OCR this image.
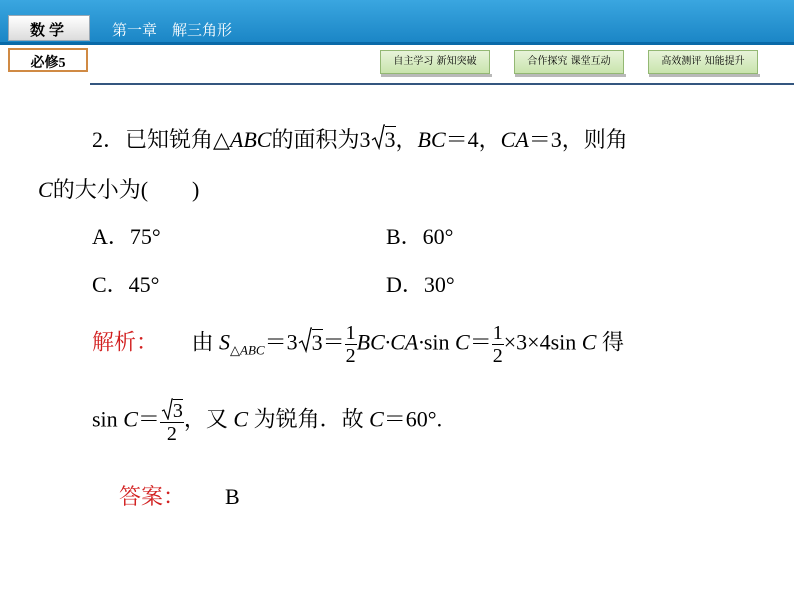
数学
必修5
第一章　解三角形
自主学习 新知突破	合作探究 课堂互动	高效测评 知能提升
2．已知锐角△ABC的面积为3 3，BC＝4，CA＝3，则角
C的大小为(　　)
A．75°	B．60°
C．45°	D．30°
解析： 由 $S_{\triangle ABC}=3$ $3= \frac{1}{2} BC\cdot CA\cdot\sin$ $C= \frac{1}{2} \times 3\times 4\sin$ C 得
$\sin C= \frac{3}{2}$ ，又 C 为锐角．故 C＝60°.
答案： B
